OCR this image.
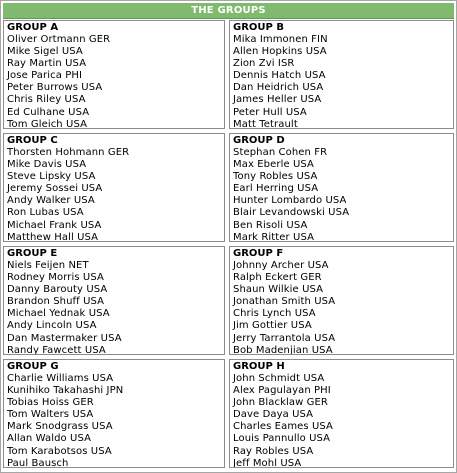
THE GROUPS
GROUP A
Oliver Ortmann GER
Mike Sigel USA
Ray Martin USA
Jose Parica PHI
Peter Burrows USA
Chris Riley USA
Ed Culhane USA
Tom Gleich USA
GROUP B
Mika Immonen FIN
Allen Hopkins USA
Zion Zvi ISR
Dennis Hatch USA
Dan Heidrich USA
James Heller USA
Peter Hull USA
Matt Tetrault
GROUP C
Thorsten Hohmann GER
Mike Davis USA
Steve Lipsky USA
Jeremy Sossei USA
Andy Walker USA
Ron Lubas USA
Michael Frank USA
Matthew Hall USA
GROUP D
Stephan Cohen FR
Max Eberle USA
Tony Robles USA
Earl Herring USA
Hunter Lombardo USA
Blair Levandowski USA
Ben Risoli USA
Mark Ritter USA
GROUP E
Niels Feijen NET
Rodney Morris USA
Danny Barouty USA
Brandon Shuff USA
Michael Yednak USA
Andy Lincoln USA
Dan Mastermaker USA
Randy Fawcett USA
GROUP F
Johnny Archer USA
Ralph Eckert GER
Shaun Wilkie USA
Jonathan Smith USA
Chris Lynch USA
Jim Gottier USA
Jerry Tarrantola USA
Bob Madenjian USA
GROUP G
Charlie Williams USA
Kunihiko Takahashi JPN
Tobias Hoiss GER
Tom Walters USA
Mark Snodgrass USA
Allan Waldo USA
Tom Karabotsos USA
Paul Bausch
GROUP H
John Schmidt USA
Alex Pagulayan PHI
John Blacklaw GER
Dave Daya USA
Charles Eames USA
Louis Pannullo USA
Ray Robles USA
Jeff Mohl USA
